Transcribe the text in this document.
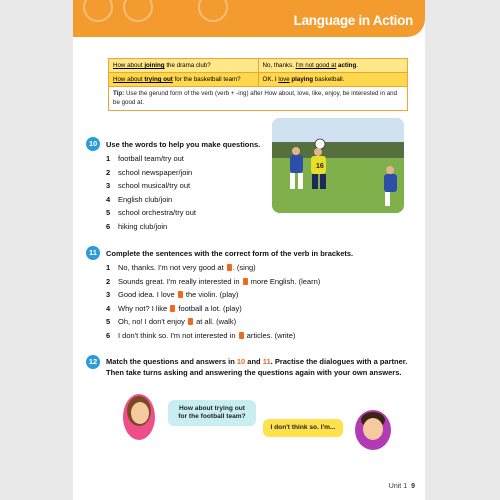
Language in Action
How about joining the drama club?	No, thanks. I'm not good at acting.
How about trying out for the basketball team?	OK. I love playing basketball.
Tip: Use the gerund form of the verb (verb + -ing) after How about, love, like, enjoy, be interested in and be good at.
10	Use the words to help you make questions.
1 football team/try out
2 school newspaper/join
3 school musical/try out
4 English club/join
5 school orchestra/try out
6 hiking club/join
16
11	Complete the sentences with the correct form of the verb in brackets.
1 No, thanks. I'm not very good at . (sing)
2 Sounds great. I'm really interested in  more English. (learn)
3 Good idea. I love  the violin. (play)
4 Why not? I like  football a lot. (play)
5 Oh, no! I don't enjoy  at all. (walk)
6 I don't think so. I'm not interested in  articles. (write)
12	Match the questions and answers in 10 and 11. Practise the dialogues with a partner.
Then take turns asking and answering the questions again with your own answers.
How about trying out for the football team?
I don't think so. I'm...
Unit 1 9
